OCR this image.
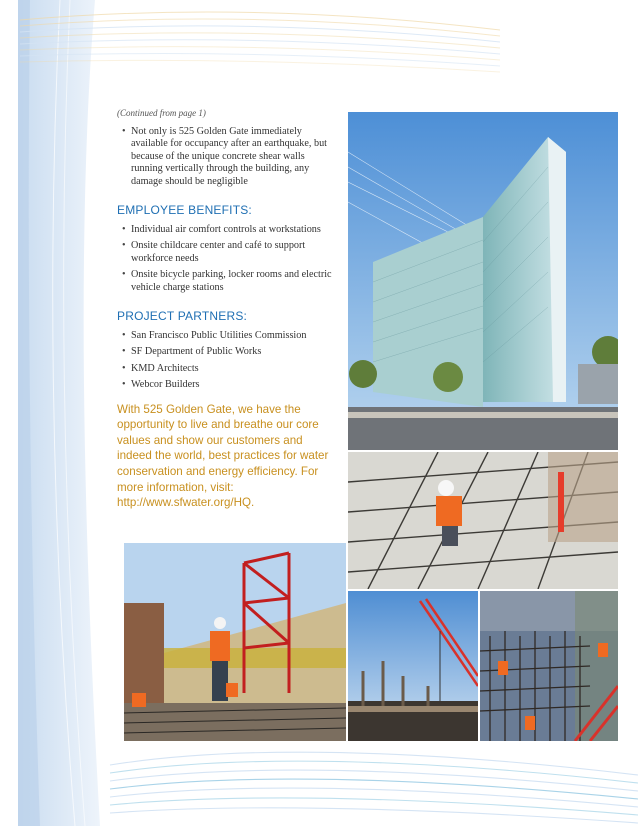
(Continued from page 1)

• Not only is 525 Golden Gate immediately available for occupancy after an earthquake, but because of the unique concrete shear walls running vertically through the building, any damage should be negligible
EMPLOYEE BENEFITS:
• Individual air comfort controls at workstations
• Onsite childcare center and café to support workforce needs
• Onsite bicycle parking, locker rooms and electric vehicle charge stations
PROJECT PARTNERS:
• San Francisco Public Utilities Commission
• SF Department of Public Works
• KMD Architects
• Webcor Builders

With 525 Golden Gate, we have the opportunity to live and breathe our core values and show our customers and indeed the world, best practices for water conservation and energy efficiency. For more information, visit: http://www.sfwater.org/HQ.
